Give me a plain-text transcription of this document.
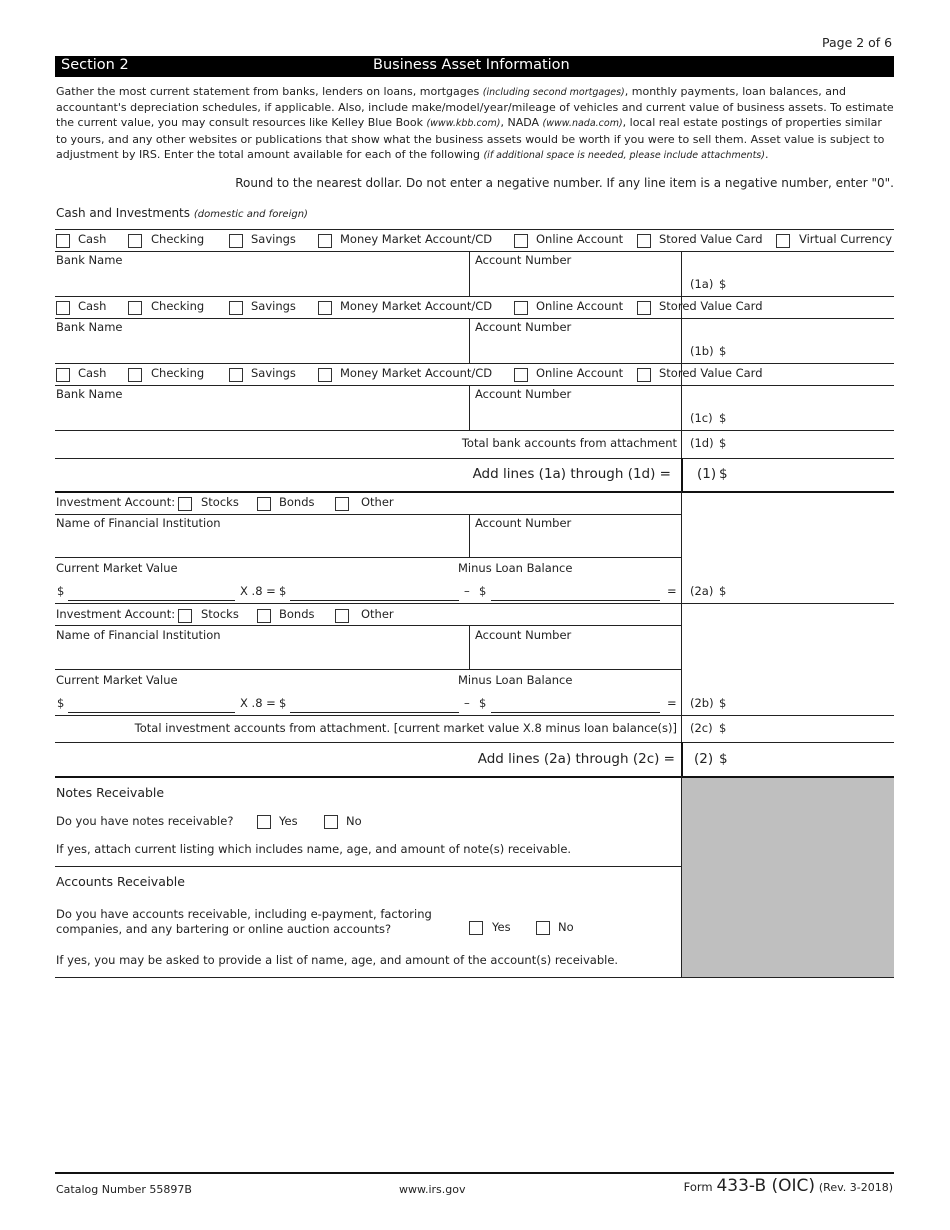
Page 2 of 6
Section 2	Business Asset Information
Gather the most current statement from banks, lenders on loans, mortgages (including second mortgages), monthly payments, loan balances, and accountant's depreciation schedules, if applicable. Also, include make/model/year/mileage of vehicles and current value of business assets. To estimate the current value, you may consult resources like Kelley Blue Book (www.kbb.com), NADA (www.nada.com), local real estate postings of properties similar to yours, and any other websites or publications that show what the business assets would be worth if you were to sell them. Asset value is subject to adjustment by IRS. Enter the total amount available for each of the following (if additional space is needed, please include attachments).
Round to the nearest dollar. Do not enter a negative number. If any line item is a negative number, enter "0".
Cash and Investments (domestic and foreign)
Cash	Checking	Savings	Money Market Account/CD	Online Account	Stored Value Card	Virtual Currency
Bank Name	Account Number
(1a) $
Cash	Checking	Savings	Money Market Account/CD	Online Account	Stored Value Card
Bank Name	Account Number
(1b) $
Cash	Checking	Savings	Money Market Account/CD	Online Account	Stored Value Card
Bank Name	Account Number
(1c) $
Total bank accounts from attachment (1d) $
Add lines (1a) through (1d) = (1) $
Investment Account: Stocks	Bonds	Other
Name of Financial Institution	Account Number
Current Market Value	Minus Loan Balance
$	X .8 = $	– $	= (2a) $
Investment Account: Stocks	Bonds	Other
Name of Financial Institution	Account Number
Current Market Value	Minus Loan Balance
$	X .8 = $	– $	= (2b) $
Total investment accounts from attachment. [current market value X.8 minus loan balance(s)] (2c) $
Add lines (2a) through (2c) = (2) $
Notes Receivable
Do you have notes receivable?	Yes	No
If yes, attach current listing which includes name, age, and amount of note(s) receivable.
Accounts Receivable
Do you have accounts receivable, including e-payment, factoring
companies, and any bartering or online auction accounts?	Yes	No
If yes, you may be asked to provide a list of name, age, and amount of the account(s) receivable.
Catalog Number 55897B	www.irs.gov	Form 433-B (OIC) (Rev. 3-2018)
